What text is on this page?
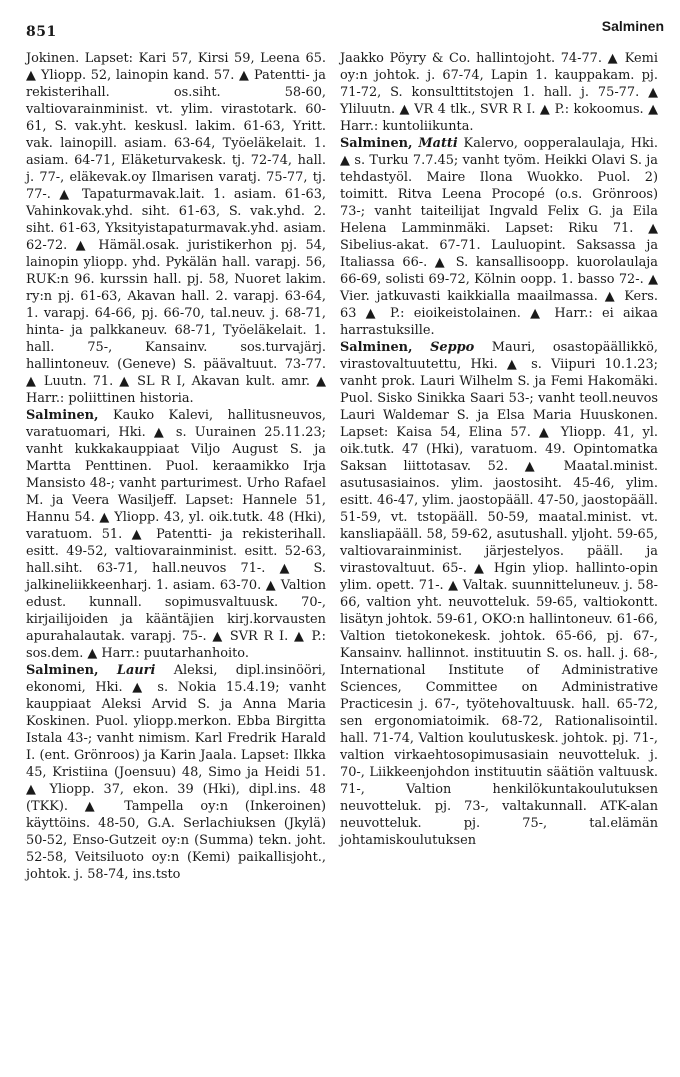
851	Salminen

Jokinen. Lapset: Kari 57, Kirsi 59, Leena 65. ▲ Yliopp. 52, lainopin kand. 57. ▲ Patentti- ja rekisterihall. os.siht. 58-60, valtiovarainminist. vt. ylim. virastotark. 60-61, S. vak.yht. keskusl. lakim. 61-63, Yritt. vak. lainopill. asiam. 63-64, Työeläkelait. 1. asiam. 64-71, Eläketurvakesk. tj. 72-74, hall. j. 77-, eläkevak.oy Ilmarisen varatj. 75-77, tj. 77-. ▲ Tapaturmavak.lait. 1. asiam. 61-63, Vahinkovak.yhd. siht. 61-63, S. vak.yhd. 2. siht. 61-63, Yksityistapaturmavak.yhd. asiam. 62-72. ▲ Hämäl.osak. juristikerhon pj. 54, lainopin yliopp. yhd. Pykälän hall. varapj. 56, RUK:n 96. kurssin hall. pj. 58, Nuoret lakim. ry:n pj. 61-63, Akavan hall. 2. varapj. 63-64, 1. varapj. 64-66, pj. 66-70, tal.neuv. j. 68-71, hinta- ja palkkaneuv. 68-71, Työeläkelait. 1. hall. 75-, Kansainv. sos.turvajärj. hallintoneuv. (Geneve) S. päävaltuut. 73-77. ▲ Luutn. 71. ▲ SL R I, Akavan kult. amr. ▲ Harr.: poliittinen historia.

Salminen, Kauko Kalevi, hallitusneuvos, varatuomari, Hki. ▲ s. Uurainen 25.11.23; vanht kukkakauppiaat Viljo August S. ja Martta Penttinen. Puol. keraamikko Irja Mansisto 48-; vanht parturimest. Urho Rafael M. ja Veera Wasiljeff. Lapset: Hannele 51, Hannu 54. ▲ Yliopp. 43, yl. oik.tutk. 48 (Hki), varatuom. 51. ▲ Patentti- ja rekisterihall. esitt. 49-52, valtiovarainminist. esitt. 52-63, hall.siht. 63-71, hall.neuvos 71-. ▲ S. jalkineliikkeenharj. 1. asiam. 63-70. ▲ Valtion edust. kunnall. sopimusvaltuusk. 70-, kirjailijoiden ja kääntäjien kirj.korvausten apurahalautak. varapj. 75-. ▲ SVR R I. ▲ P.: sos.dem. ▲ Harr.: puutarhanhoito.

Salminen, Lauri Aleksi, dipl.insinööri, ekonomi, Hki. ▲ s. Nokia 15.4.19; vanht kauppiaat Aleksi Arvid S. ja Anna Maria Koskinen. Puol. yliopp.merkon. Ebba Birgitta Istala 43-; vanht nimism. Karl Fredrik Harald I. (ent. Grönroos) ja Karin Jaala. Lapset: Ilkka 45, Kristiina (Joensuu) 48, Simo ja Heidi 51. ▲ Yliopp. 37, ekon. 39 (Hki), dipl.ins. 48 (TKK). ▲ Tampella oy:n (Inkeroinen) käyttöins. 48-50, G.A. Serlachiuksen (Jkylä) 50-52, Enso-Gutzeit oy:n (Summa) tekn. joht. 52-58, Veitsiluoto oy:n (Kemi) paikallisjoht., johtok. j. 58-74, ins.tsto

Jaakko Pöyry & Co. hallintojoht. 74-77. ▲ Kemi oy:n johtok. j. 67-74, Lapin 1. kauppakam. pj. 71-72, S. konsulttitstojen 1. hall. j. 75-77. ▲ Yliluutn. ▲ VR 4 tlk., SVR R I. ▲ P.: kokoomus. ▲ Harr.: kuntoliikunta.

Salminen, Matti Kalervo, oopperalaulaja, Hki. ▲ s. Turku 7.7.45; vanht työm. Heikki Olavi S. ja tehdastyöl. Maire Ilona Wuokko. Puol. 2) toimitt. Ritva Leena Procopé (o.s. Grönroos) 73-; vanht taiteilijat Ingvald Felix G. ja Eila Helena Lamminmäki. Lapset: Riku 71. ▲ Sibelius-akat. 67-71. Lauluopint. Saksassa ja Italiassa 66-. ▲ S. kansallisoopp. kuorolaulaja 66-69, solisti 69-72, Kölnin oopp. 1. basso 72-. ▲ Vier. jatkuvasti kaikkialla maailmassa. ▲ Kers. 63 ▲ P.: eioikeistolainen. ▲ Harr.: ei aikaa harrastuksille.

Salminen, Seppo Mauri, osastopäällikkö, virastovaltuutettu, Hki. ▲ s. Viipuri 10.1.23; vanht prok. Lauri Wilhelm S. ja Femi Hakomäki. Puol. Sisko Sinikka Saari 53-; vanht teoll.neuvos Lauri Waldemar S. ja Elsa Maria Huuskonen. Lapset: Kaisa 54, Elina 57. ▲ Yliopp. 41, yl. oik.tutk. 47 (Hki), varatuom. 49. Opintomatka Saksan liittotasav. 52. ▲ Maatal.minist. asutusasiainos. ylim. jaostosiht. 45-46, ylim. esitt. 46-47, ylim. jaostopääll. 47-50, jaostopääll. 51-59, vt. tstopääll. 50-59, maatal.minist. vt. kansliapääll. 58, 59-62, asutushall. yljoht. 59-65, valtiovarainminist. järjestelyos. pääll. ja virastovaltuut. 65-. ▲ Hgin yliop. hallinto-opin ylim. opett. 71-. ▲ Valtak. suunnitteluneuv. j. 58-66, valtion yht. neuvotteluk. 59-65, valtiokontt. lisätyn johtok. 59-61, OKO:n hallintoneuv. 61-66, Valtion tietokonekesk. johtok. 65-66, pj. 67-, Kansainv. hallinnot. instituutin S. os. hall. j. 68-, International Institute of Administrative Sciences, Committee on Administrative Practicesin j. 67-, työtehovaltuusk. hall. 65-72, sen ergonomiatoimik. 68-72, Rationalisointil. hall. 71-74, Valtion koulutuskesk. johtok. pj. 71-, valtion virkaehtosopimusasiain neuvotteluk. j. 70-, Liikkeenjohdon instituutin säätiön valtuusk. 71-, Valtion henkilökuntakoulutuksen neuvotteluk. pj. 73-, valtakunnall. ATK-alan neuvotteluk. pj. 75-, tal.elämän johtamiskoulutuksen
